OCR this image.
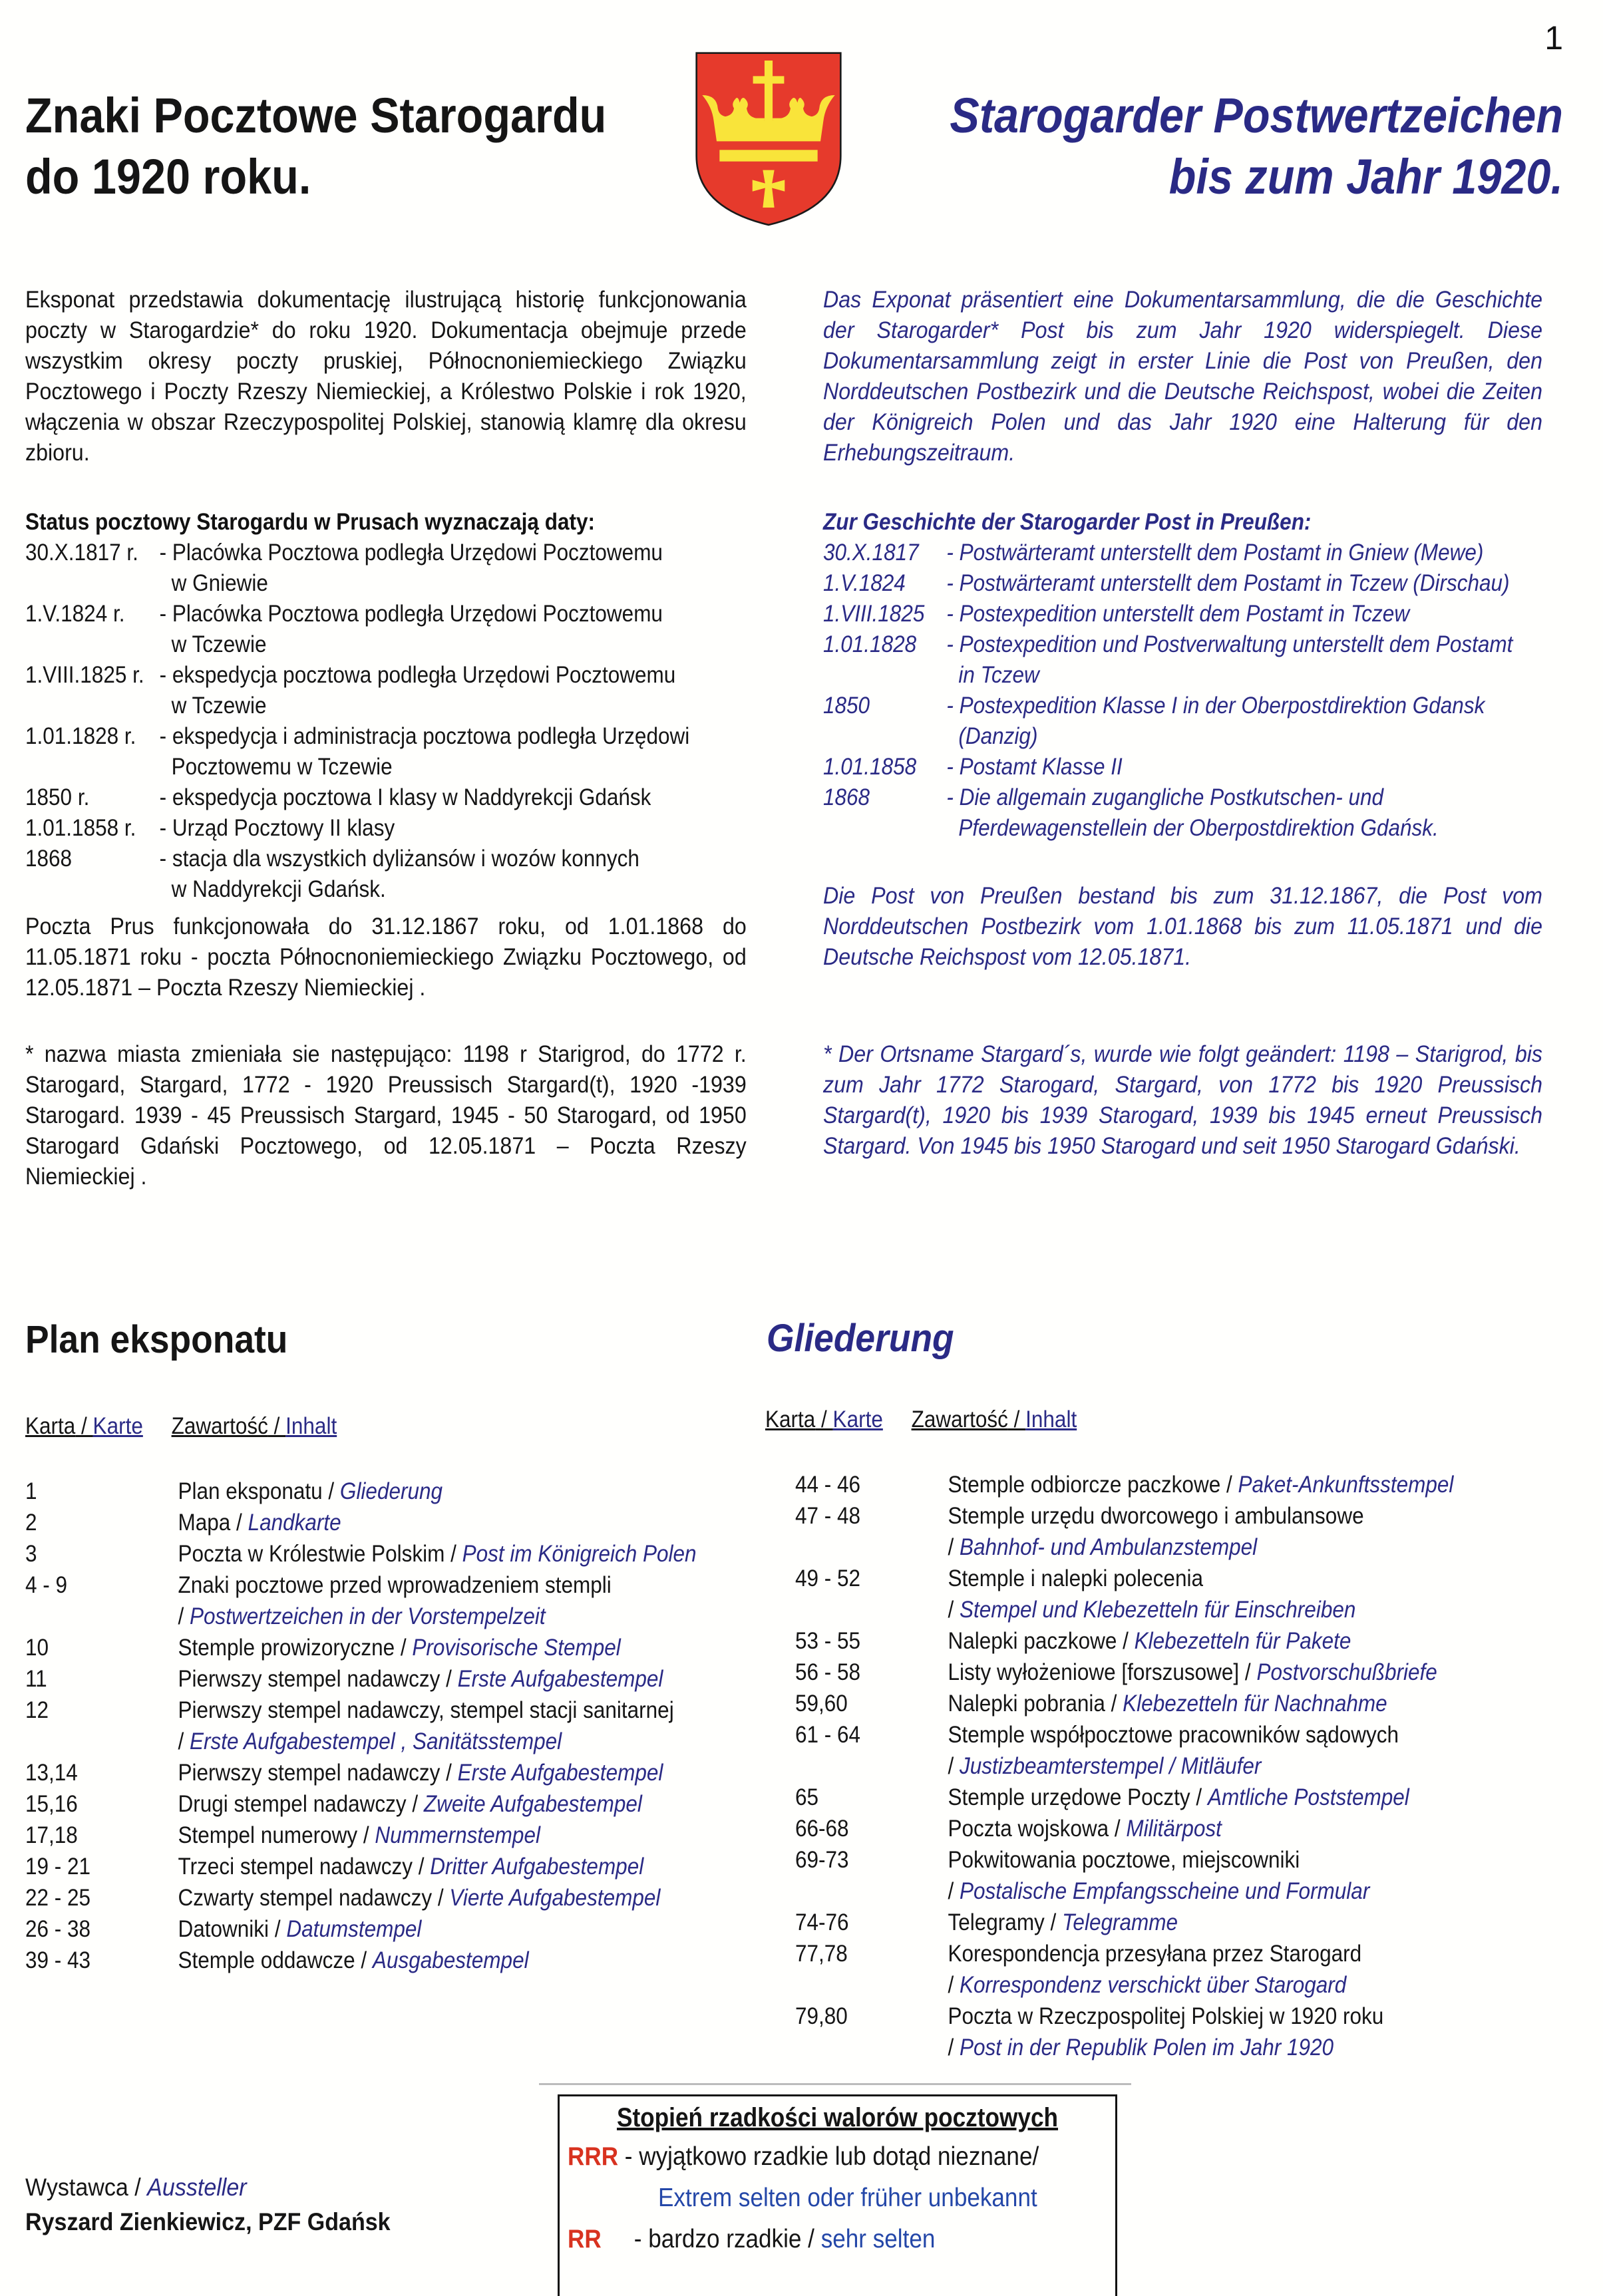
1
Znaki Pocztowe Starogardu
do 1920 roku.
Starogarder Postwertzeichen
bis zum Jahr 1920.
Eksponat przedstawia dokumentację ilustrującą historię funkcjonowania poczty w Starogardzie* do roku 1920. Dokumentacja obejmuje przede wszystkim okresy poczty pruskiej, Północnoniemieckiego Związku Pocztowego i Poczty Rzeszy Niemieckiej, a Królestwo Polskie i rok 1920, włączenia w obszar Rzeczypospolitej Polskiej, stanowią klamrę dla okresu zbioru.
Das Exponat präsentiert eine Dokumentarsammlung, die die Geschichte der Starogarder* Post bis zum Jahr 1920 widerspiegelt. Diese Dokumentarsammlung zeigt in erster Linie die Post von Preußen, den Norddeutschen Postbezirk und die Deutsche Reichspost, wobei die Zeiten der Königreich Polen und das Jahr 1920 eine Halterung für den Erhebungszeitraum.
Status pocztowy Starogardu w Prusach wyznaczają daty:
30.X.1817 r. - Placówka Pocztowa podległa Urzędowi Pocztowemu
w Gniewie
1.V.1824 r.	- Placówka Pocztowa podległa Urzędowi Pocztowemu
w Tczewie
1.VIII.1825 r. - ekspedycja pocztowa podległa Urzędowi Pocztowemu
w Tczewie
1.01.1828 r.	- ekspedycja i administracja pocztowa podległa Urzędowi
Pocztowemu w Tczewie
1850 r.	- ekspedycja pocztowa I klasy w Naddyrekcji Gdańsk
1.01.1858 r.	- Urząd Pocztowy II klasy
1868	- stacja dla wszystkich dyliżansów i wozów konnych
w Naddyrekcji Gdańsk.
Zur Geschichte der Starogarder Post in Preußen:
30.X.1817	- Postwärteramt unterstellt dem Postamt in Gniew (Mewe)
1.V.1824	- Postwärteramt unterstellt dem Postamt in Tczew (Dirschau)
1.VIII.1825 - Postexpedition unterstellt dem Postamt in Tczew
1.01.1828	- Postexpedition und Postverwaltung unterstellt dem Postamt
in Tczew
1850	- Postexpedition Klasse I in der Oberpostdirektion Gdansk
(Danzig)
1.01.1858	- Postamt Klasse II
1868	- Die allgemain zugangliche Postkutschen- und
Pferdewagenstellein der Oberpostdirektion Gdańsk.
Poczta Prus funkcjonowała do 31.12.1867 roku, od 1.01.1868 do 11.05.1871 roku - poczta Północnoniemieckiego Związku Pocztowego, od 12.05.1871 – Poczta Rzeszy Niemieckiej .
Die Post von Preußen bestand bis zum 31.12.1867, die Post vom Norddeutschen Postbezirk vom 1.01.1868 bis zum 11.05.1871 und die Deutsche Reichspost vom 12.05.1871.
* nazwa miasta zmieniała sie następująco: 1198 r Starigrod, do 1772 r. Starogard, Stargard, 1772 - 1920 Preussisch Stargard(t), 1920 -1939 Starogard. 1939 - 45 Preussisch Stargard, 1945 - 50 Starogard, od 1950 Starogard Gdański Pocztowego, od 12.05.1871 – Poczta Rzeszy Niemieckiej .
* Der Ortsname Stargard´s, wurde wie folgt geändert: 1198 – Starigrod, bis zum Jahr 1772 Starogard, Stargard, von 1772 bis 1920 Preussisch Stargard(t), 1920 bis 1939 Starogard, 1939 bis 1945 erneut Preussisch Stargard. Von 1945 bis 1950 Starogard und seit 1950 Starogard Gdański.
Plan eksponatu	Gliederung
Karta / Karte Zawartość / Inhalt	Karta / Karte Zawartość / Inhalt
1	Plan eksponatu / Gliederung
2	Mapa / Landkarte
3	Poczta w Królestwie Polskim / Post im Königreich Polen
4 - 9	Znaki pocztowe przed wprowadzeniem stempli
/ Postwertzeichen in der Vorstempelzeit
10	Stemple prowizoryczne / Provisorische Stempel
11	Pierwszy stempel nadawczy / Erste Aufgabestempel
12	Pierwszy stempel nadawczy, stempel stacji sanitarnej
/ Erste Aufgabestempel , Sanitätsstempel
13,14	Pierwszy stempel nadawczy / Erste Aufgabestempel
15,16	Drugi stempel nadawczy / Zweite Aufgabestempel
17,18	Stempel numerowy / Nummernstempel
19 - 21	Trzeci stempel nadawczy / Dritter Aufgabestempel
22 - 25	Czwarty stempel nadawczy / Vierte Aufgabestempel
26 - 38	Datowniki / Datumstempel
39 - 43	Stemple oddawcze / Ausgabestempel
44 - 46	Stemple odbiorcze paczkowe / Paket-Ankunftsstempel
47 - 48	Stemple urzędu dworcowego i ambulansowe
/ Bahnhof- und Ambulanzstempel
49 - 52	Stemple i nalepki polecenia
/ Stempel und Klebezetteln für Einschreiben
53 - 55	Nalepki paczkowe / Klebezetteln für Pakete
56 - 58	Listy wyłożeniowe [forszusowe] / Postvorschußbriefe
59,60	Nalepki pobrania / Klebezetteln für Nachnahme
61 - 64	Stemple współpocztowe pracowników sądowych
/ Justizbeamterstempel / Mitläufer
65	Stemple urzędowe Poczty / Amtliche Poststempel
66-68	Poczta wojskowa / Militärpost
69-73	Pokwitowania pocztowe, miejscowniki
/ Postalische Empfangsscheine und Formular
74-76	Telegramy / Telegramme
77,78	Korespondencja przesyłana przez Starogard
/ Korrespondenz verschickt über Starogard
79,80	Poczta w Rzeczpospolitej Polskiej w 1920 roku
/ Post in der Republik Polen im Jahr 1920
Wystawca / Aussteller
Ryszard Zienkiewicz, PZF Gdańsk
Stopień rzadkości walorów pocztowych
RRR - wyjątkowo rzadkie lub dotąd nieznane/
Extrem selten oder früher unbekannt
RR - bardzo rzadkie / sehr selten
